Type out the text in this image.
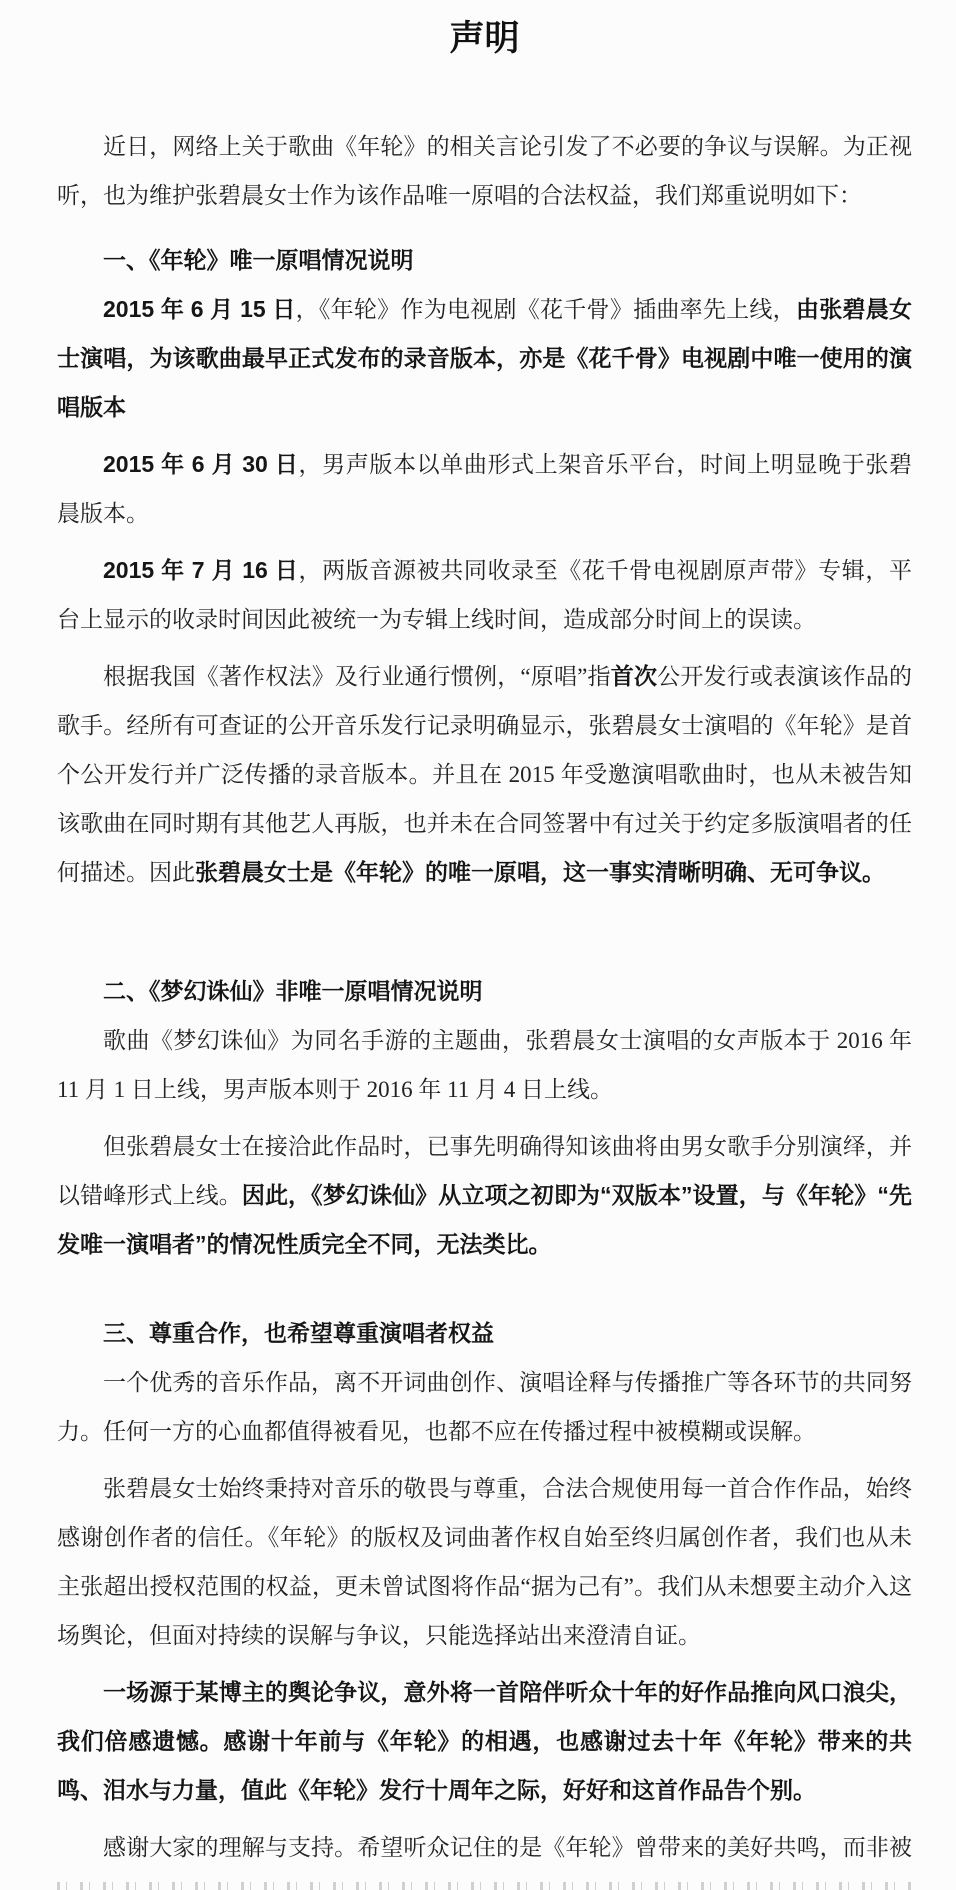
声明

近日，网络上关于歌曲《年轮》的相关言论引发了不必要的争议与误解。为正视听，也为维护张碧晨女士作为该作品唯一原唱的合法权益，我们郑重说明如下：

一、《年轮》唯一原唱情况说明

2015 年 6 月 15 日，《年轮》作为电视剧《花千骨》插曲率先上线，由张碧晨女士演唱，为该歌曲最早正式发布的录音版本，亦是《花千骨》电视剧中唯一使用的演唱版本

2015 年 6 月 30 日，男声版本以单曲形式上架音乐平台，时间上明显晚于张碧晨版本。

2015 年 7 月 16 日，两版音源被共同收录至《花千骨电视剧原声带》专辑，平台上显示的收录时间因此被统一为专辑上线时间，造成部分时间上的误读。

根据我国《著作权法》及行业通行惯例，“原唱”指首次公开发行或表演该作品的歌手。经所有可查证的公开音乐发行记录明确显示，张碧晨女士演唱的《年轮》是首个公开发行并广泛传播的录音版本。并且在 2015 年受邀演唱歌曲时，也从未被告知该歌曲在同时期有其他艺人再版，也并未在合同签署中有过关于约定多版演唱者的任何描述。因此张碧晨女士是《年轮》的唯一原唱，这一事实清晰明确、无可争议。

二、《梦幻诛仙》非唯一原唱情况说明

歌曲《梦幻诛仙》为同名手游的主题曲，张碧晨女士演唱的女声版本于 2016 年 11 月 1 日上线，男声版本则于 2016 年 11 月 4 日上线。

但张碧晨女士在接洽此作品时，已事先明确得知该曲将由男女歌手分别演绎，并以错峰形式上线。因此，《梦幻诛仙》从立项之初即为“双版本”设置，与《年轮》“先发唯一演唱者”的情况性质完全不同，无法类比。

三、尊重合作，也希望尊重演唱者权益

一个优秀的音乐作品，离不开词曲创作、演唱诠释与传播推广等各环节的共同努力。任何一方的心血都值得被看见，也都不应在传播过程中被模糊或误解。

张碧晨女士始终秉持对音乐的敬畏与尊重，合法合规使用每一首合作作品，始终感谢创作者的信任。《年轮》的版权及词曲著作权自始至终归属创作者，我们也从未主张超出授权范围的权益，更未曾试图将作品“据为己有”。我们从未想要主动介入这场舆论，但面对持续的误解与争议，只能选择站出来澄清自证。

一场源于某博主的舆论争议，意外将一首陪伴听众十年的好作品推向风口浪尖，我们倍感遗憾。感谢十年前与《年轮》的相遇，也感谢过去十年《年轮》带来的共鸣、泪水与力量，值此《年轮》发行十周年之际，好好和这首作品告个别。

感谢大家的理解与支持。希望听众记住的是《年轮》曾带来的美好共鸣，而非被
